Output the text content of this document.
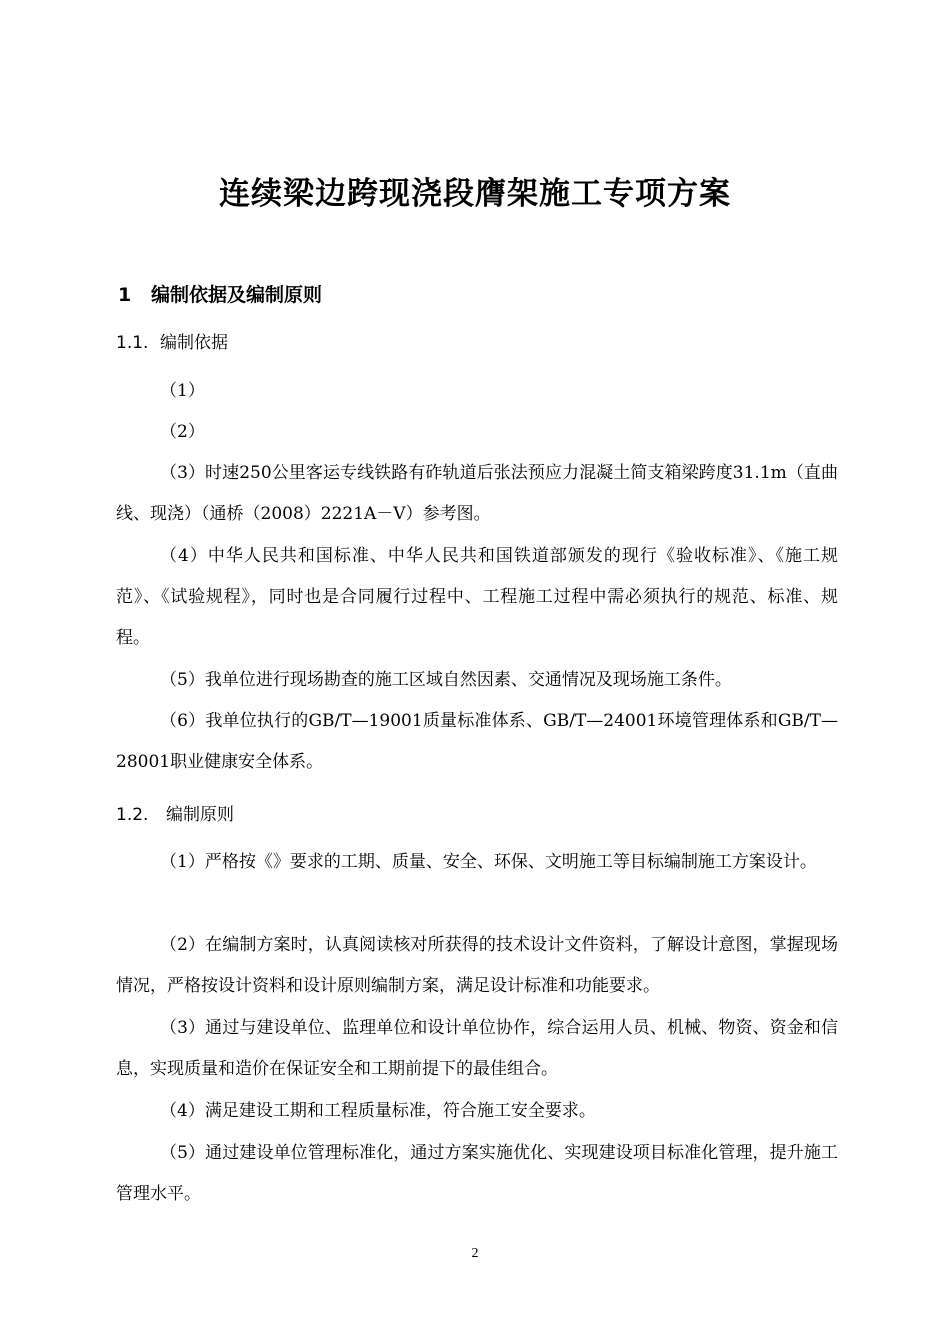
连续梁边跨现浇段膺架施工专项方案
1 编制依据及编制原则
1.1. 编制依据
（1）
（2）
（3）时速250公里客运专线铁路有砟轨道后张法预应力混凝土简支箱梁跨度31.1m（直曲线、现浇）（通桥（2008）2221A－Ⅴ）参考图。
（4）中华人民共和国标准、中华人民共和国铁道部颁发的现行《验收标准》、《施工规范》、《试验规程》，同时也是合同履行过程中、工程施工过程中需必须执行的规范、标准、规程。
（5）我单位进行现场勘查的施工区域自然因素、交通情况及现场施工条件。
（6）我单位执行的GB/T—19001质量标准体系、GB/T—24001环境管理体系和GB/T—28001职业健康安全体系。
1.2. 编制原则
（1）严格按《》要求的工期、质量、安全、环保、文明施工等目标编制施工方案设计。
（2）在编制方案时，认真阅读核对所获得的技术设计文件资料，了解设计意图，掌握现场情况，严格按设计资料和设计原则编制方案，满足设计标准和功能要求。
（3）通过与建设单位、监理单位和设计单位协作，综合运用人员、机械、物资、资金和信息，实现质量和造价在保证安全和工期前提下的最佳组合。
（4）满足建设工期和工程质量标准，符合施工安全要求。
（5）通过建设单位管理标准化，通过方案实施优化、实现建设项目标准化管理，提升施工管理水平。
2
